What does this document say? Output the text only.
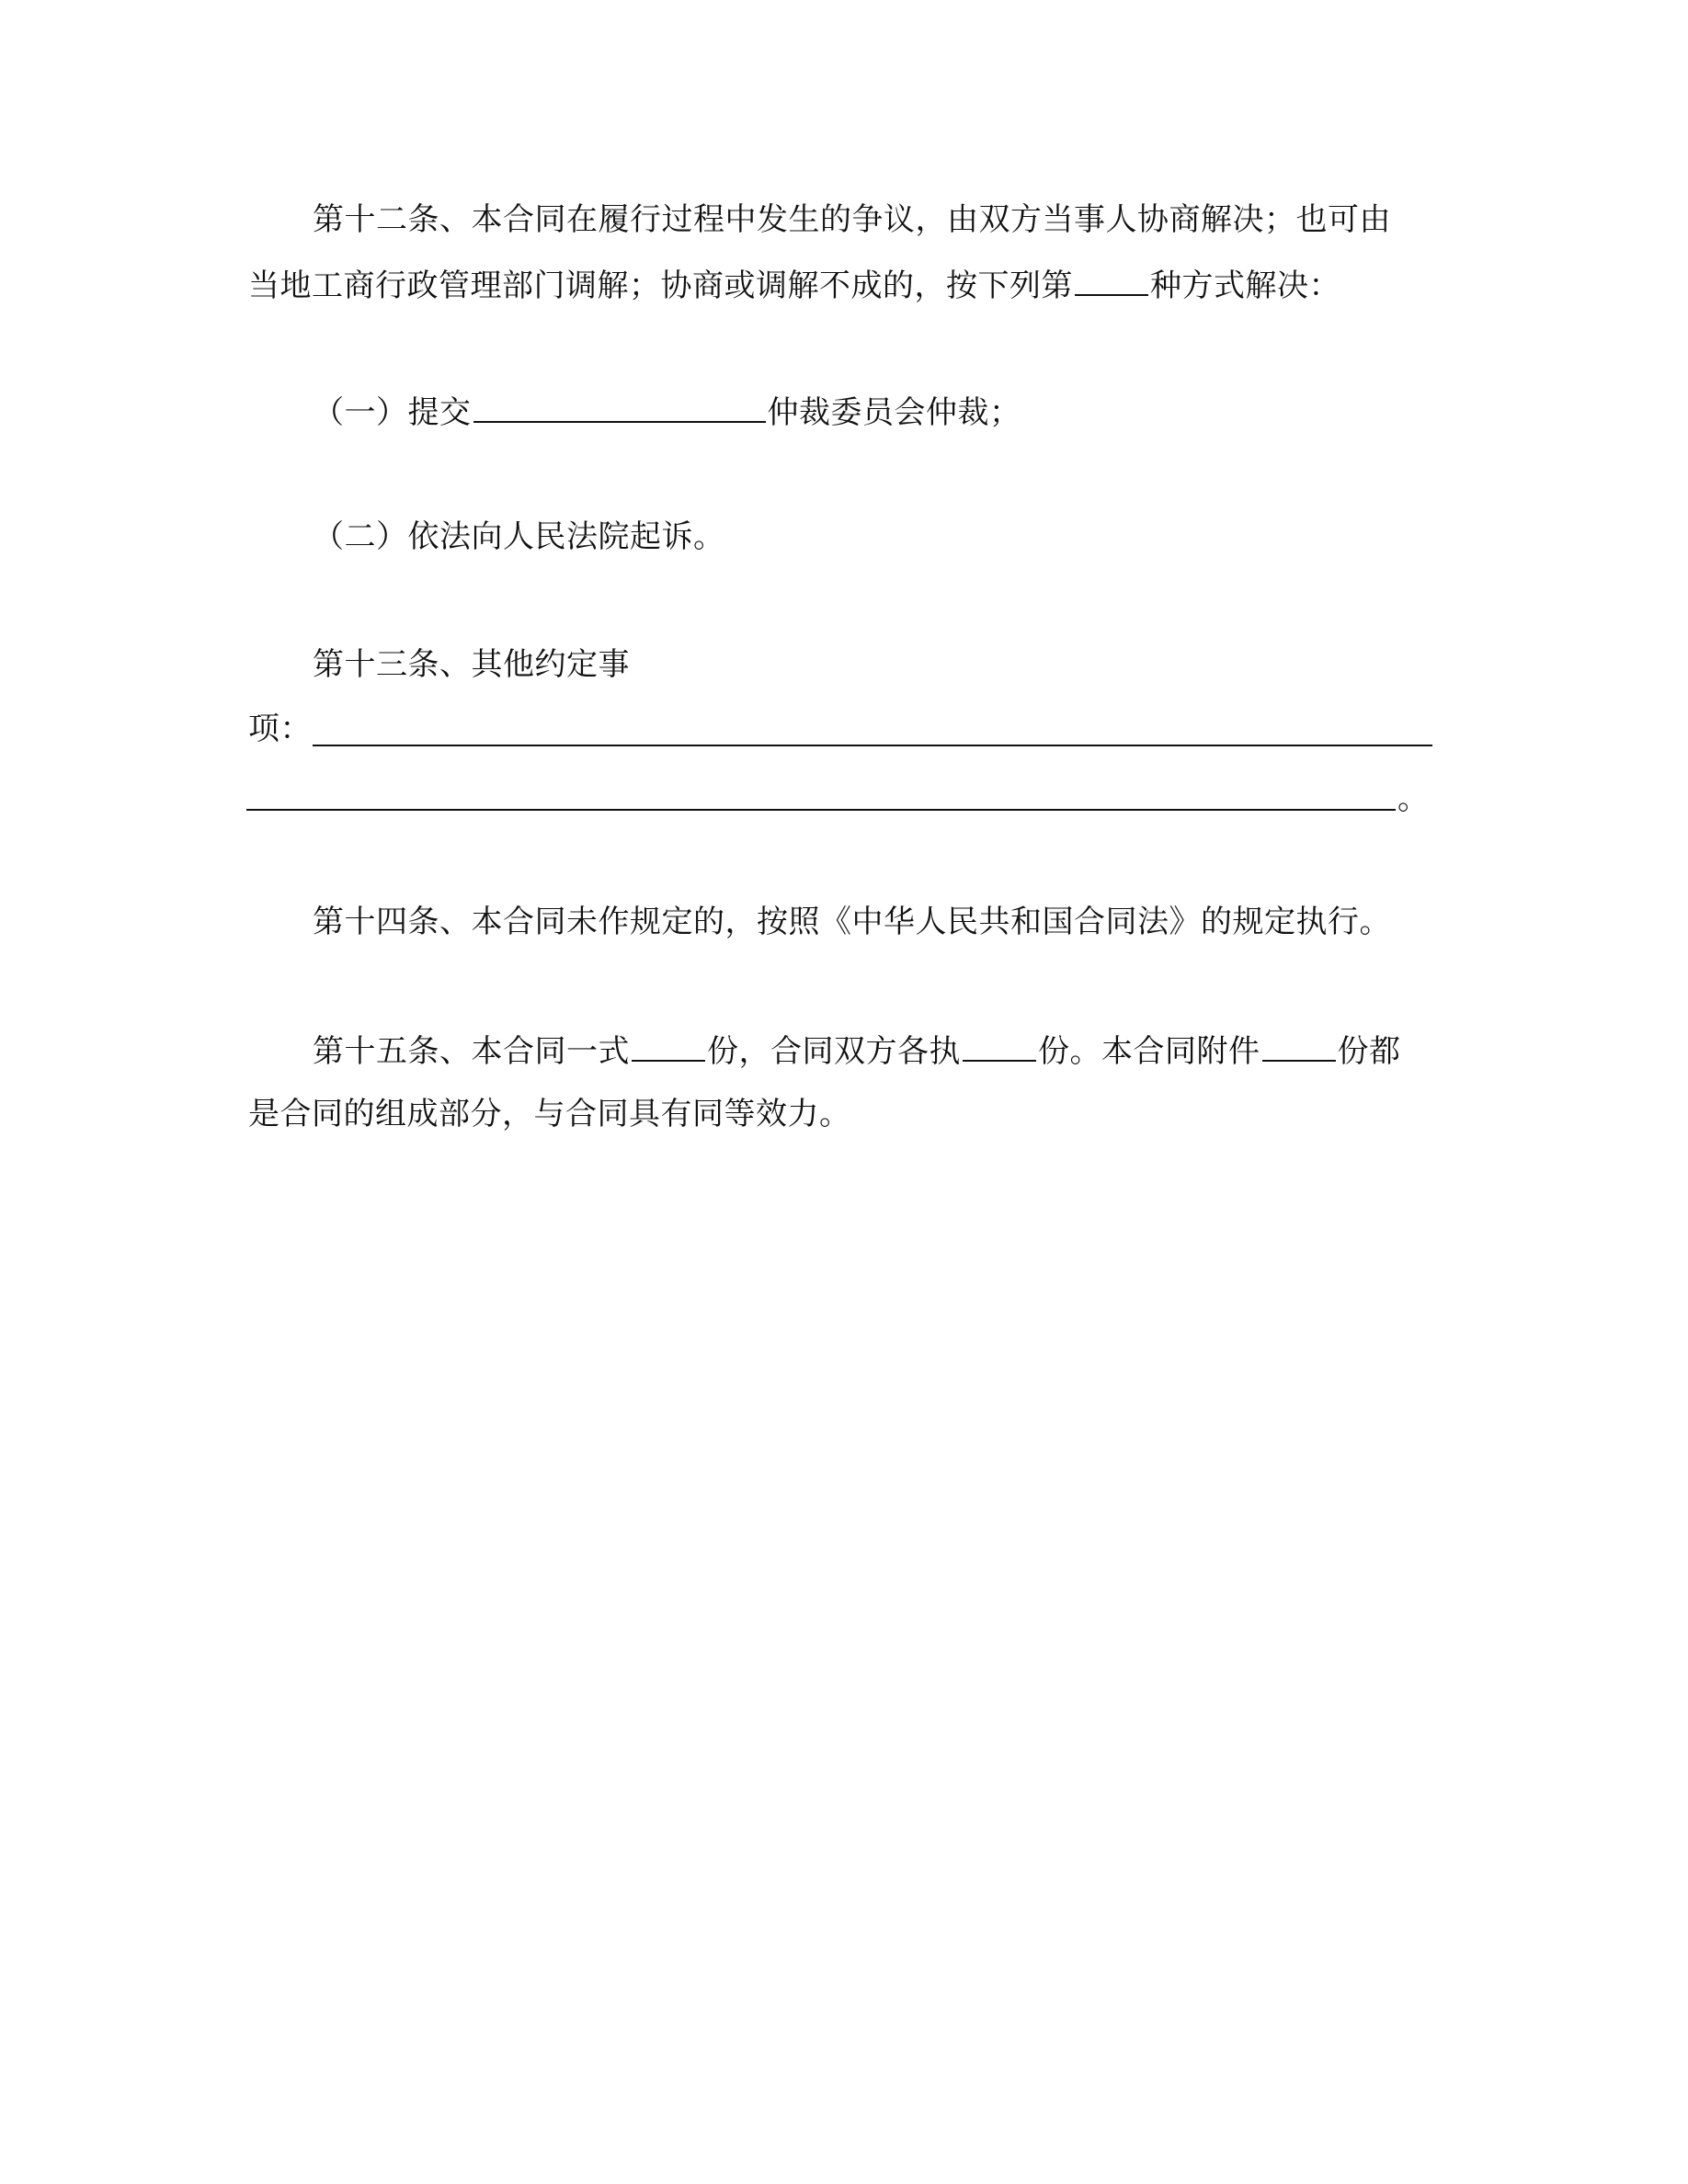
第十二条、本合同在履行过程中发生的争议，由双方当事人协商解决；也可由
当地工商行政管理部门调解；协商或调解不成的，按下列第 种方式解决：
（一）提交	仲裁委员会仲裁；
（二）依法向人民法院起诉。
第十三条、其他约定事
项：
。
第十四条、本合同未作规定的，按照《中华人民共和国合同法》的规定执行。
第十五条、本合同一式 份，合同双方各执 份。本合同附件 份都
是合同的组成部分，与合同具有同等效力。
